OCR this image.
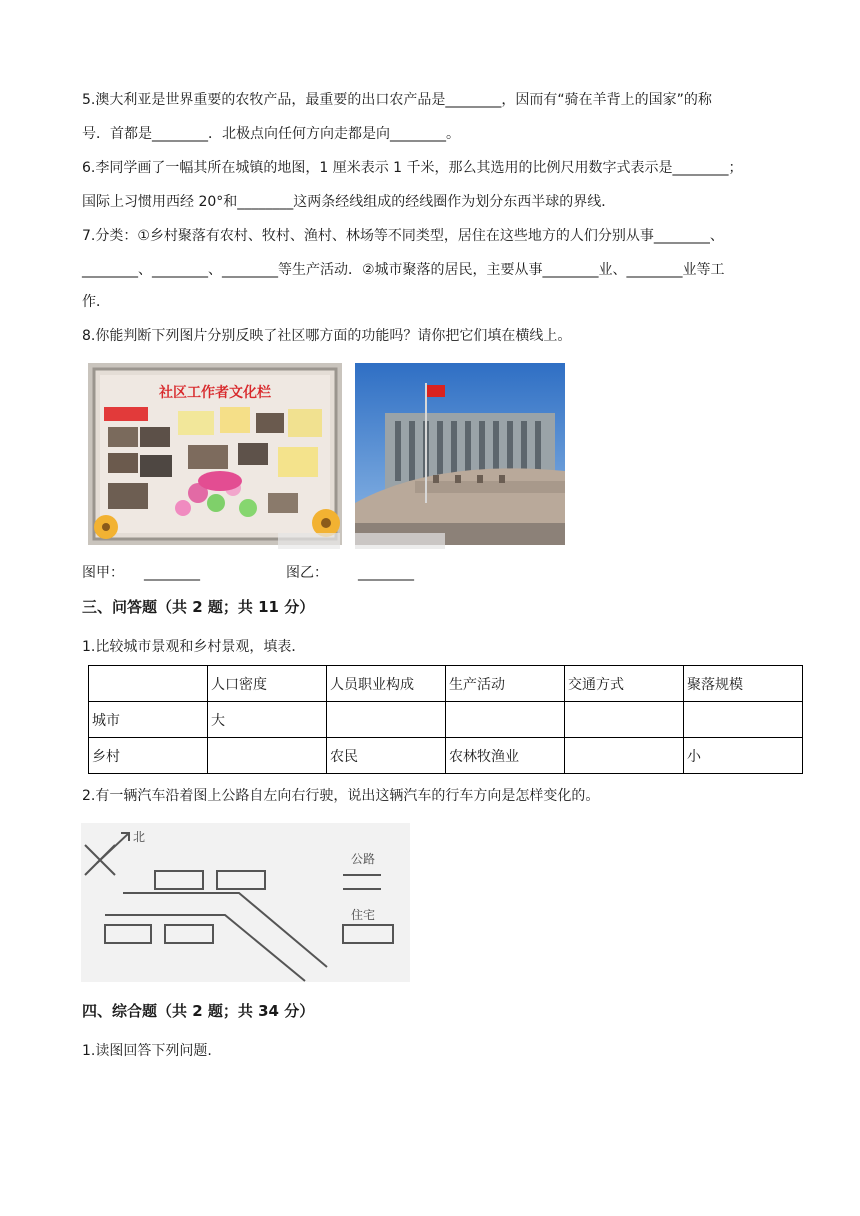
5.澳大利亚是世界重要的农牧产品，最重要的出口农产品是________，因而有“骑在羊背上的国家”的称
号．首都是________．北极点向任何方向走都是向________。
6.李同学画了一幅其所在城镇的地图，1 厘米表示 1 千米，那么其选用的比例尺用数字式表示是________；
国际上习惯用西经 20°和________这两条经线组成的经线圈作为划分东西半球的界线．
7.分类：①乡村聚落有农村、牧村、渔村、林场等不同类型，居住在这些地方的人们分别从事________、
________、________、________等生产活动．②城市聚落的居民，主要从事________业、________业等工
作．
8.你能判断下列图片分别反映了社区哪方面的功能吗？请你把它们填在横线上。
社区工作者文化栏
图甲： ________	图乙： ________
三、问答题（共 2 题；共 11 分）
1.比较城市景观和乡村景观，填表．
	人口密度	人员职业构成	生产活动	交通方式	聚落规模
城市	大				
乡村		农民	农林牧渔业		小
2.有一辆汽车沿着图上公路自左向右行驶，说出这辆汽车的行车方向是怎样变化的。
北
公路
住宅
四、综合题（共 2 题；共 34 分）
1.读图回答下列问题.
